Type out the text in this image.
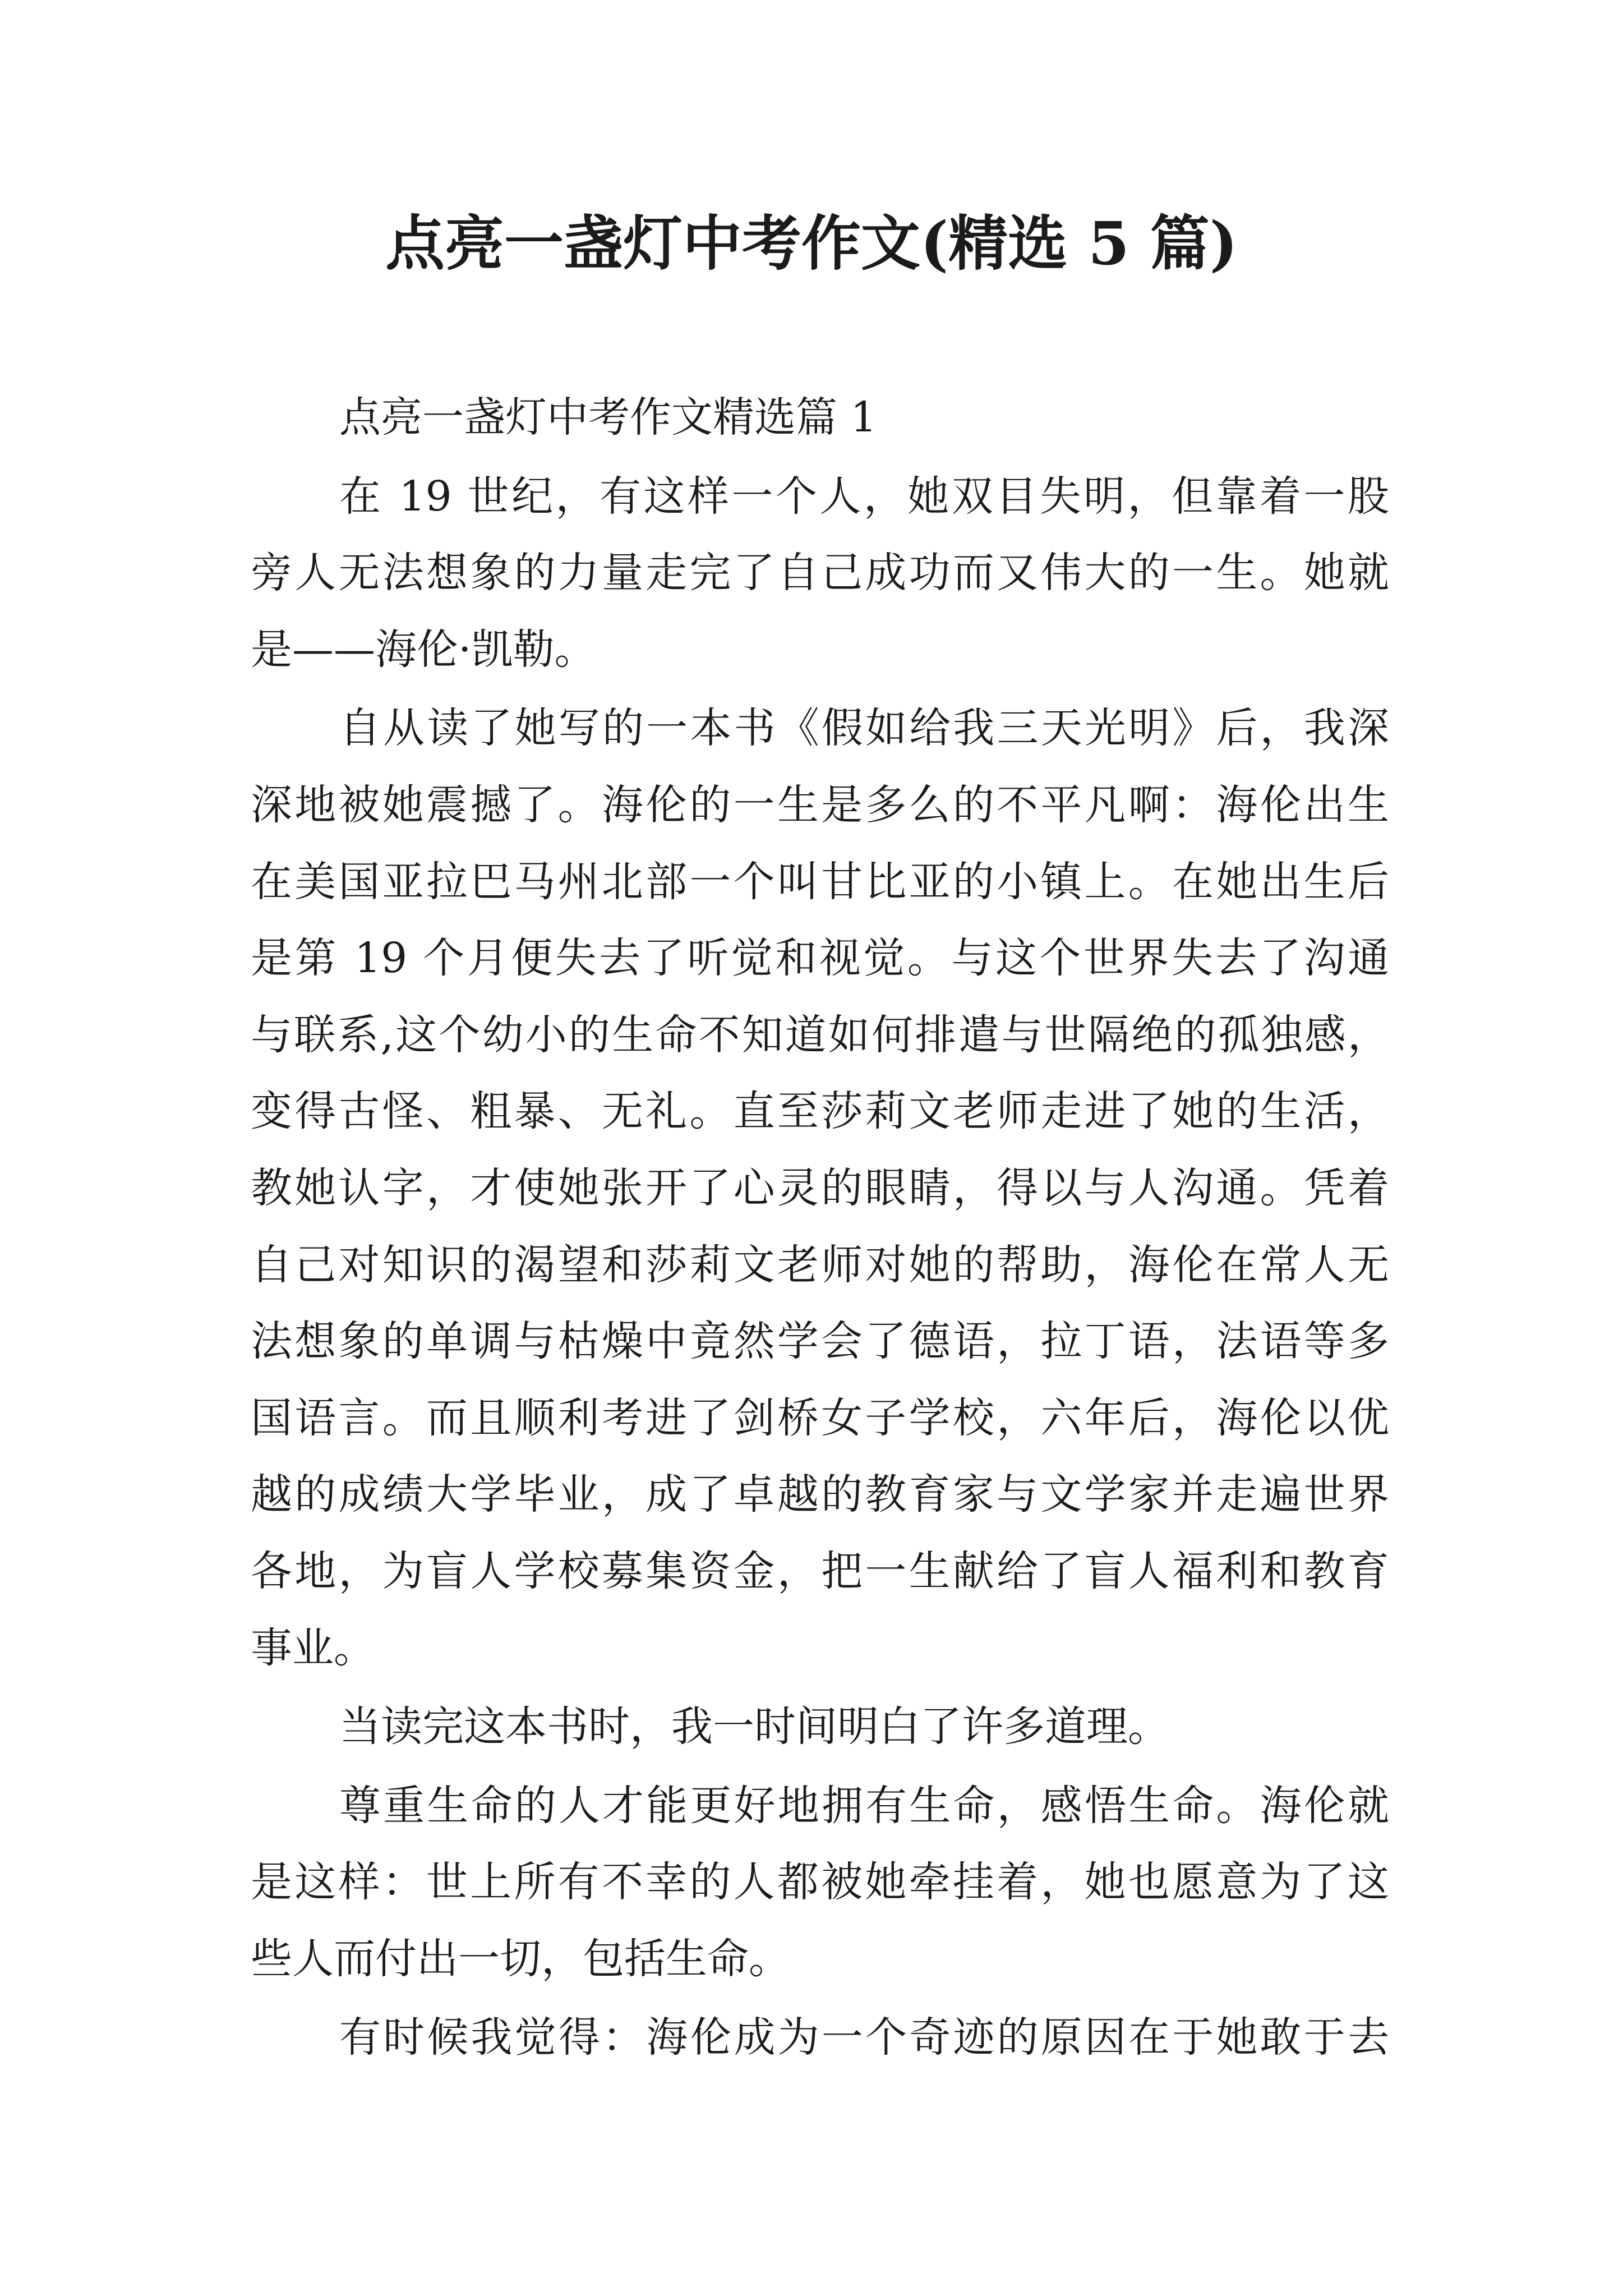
点亮一盏灯中考作文(精选 5 篇)
点亮一盏灯中考作文精选篇 1
在 19 世纪，有这样一个人，她双目失明，但靠着一股
旁人无法想象的力量走完了自己成功而又伟大的一生。她就
是——海伦·凯勒。
自从读了她写的一本书《假如给我三天光明》后，我深
深地被她震撼了。海伦的一生是多么的不平凡啊：海伦出生
在美国亚拉巴马州北部一个叫甘比亚的小镇上。在她出生后
是第 19 个月便失去了听觉和视觉。与这个世界失去了沟通
与联系,这个幼小的生命不知道如何排遣与世隔绝的孤独感，
变得古怪、粗暴、无礼。直至莎莉文老师走进了她的生活，
教她认字，才使她张开了心灵的眼睛，得以与人沟通。凭着
自己对知识的渴望和莎莉文老师对她的帮助，海伦在常人无
法想象的单调与枯燥中竟然学会了德语，拉丁语，法语等多
国语言。而且顺利考进了剑桥女子学校，六年后，海伦以优
越的成绩大学毕业，成了卓越的教育家与文学家并走遍世界
各地，为盲人学校募集资金，把一生献给了盲人福利和教育
事业。
当读完这本书时，我一时间明白了许多道理。
尊重生命的人才能更好地拥有生命，感悟生命。海伦就
是这样：世上所有不幸的人都被她牵挂着，她也愿意为了这
些人而付出一切，包括生命。
有时候我觉得：海伦成为一个奇迹的原因在于她敢于去
